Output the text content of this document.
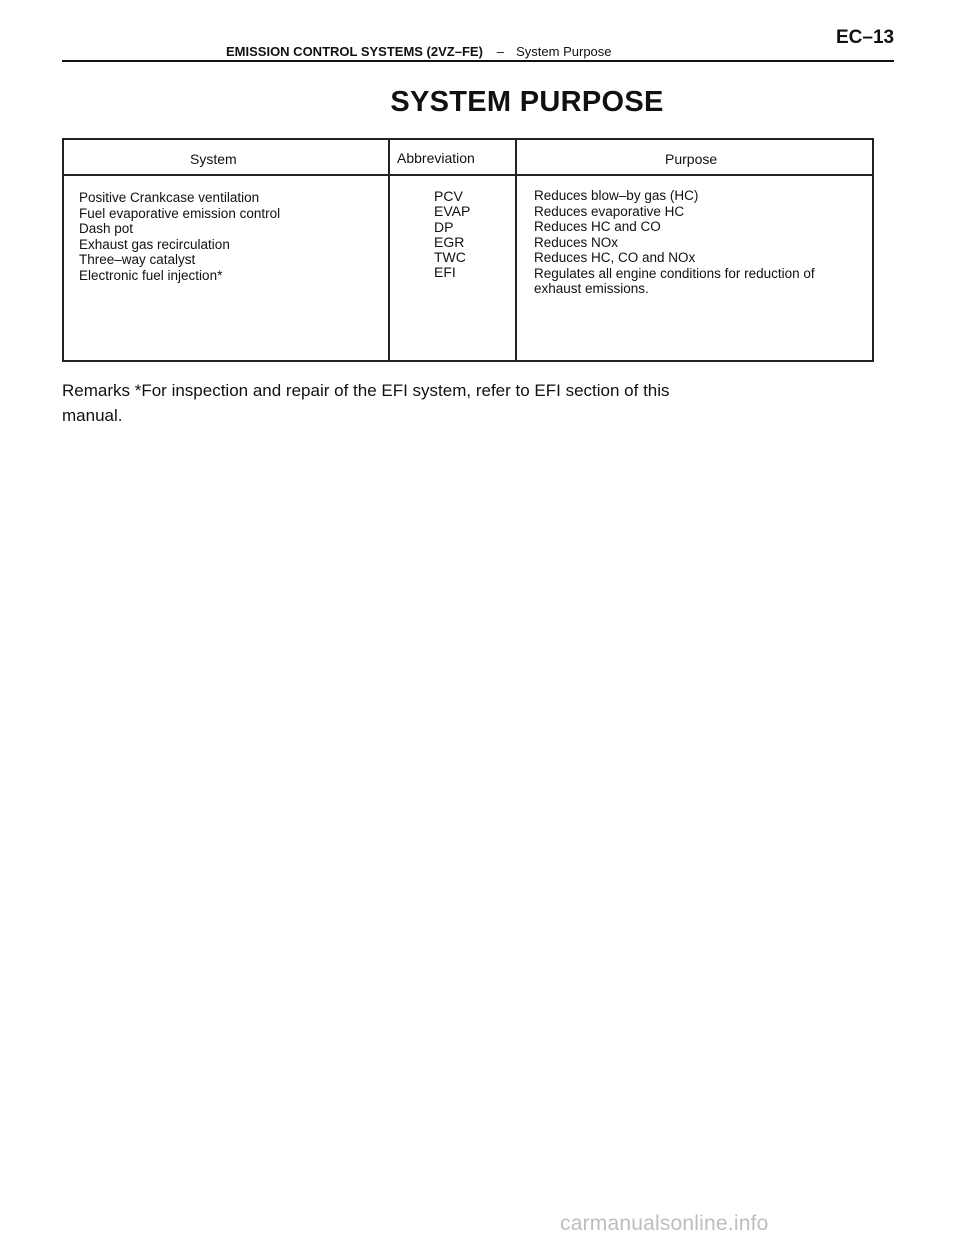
EMISSION CONTROL SYSTEMS (2VZ–FE) – System Purpose
EC–13
SYSTEM PURPOSE
System	Abbreviation	Purpose
Positive Crankcase ventilation
Fuel evaporative emission control
Dash pot
Exhaust gas recirculation
Three–way catalyst
Electronic fuel injection*
PCV
EVAP
DP
EGR
TWC
EFI
Reduces blow–by gas (HC)
Reduces evaporative HC
Reduces HC and CO
Reduces NOx
Reduces HC, CO and NOx
Regulates all engine conditions for reduction of
exhaust emissions.
Remarks *For inspection and repair of the EFI system, refer to EFI section of this manual.
carmanualsonline.info
